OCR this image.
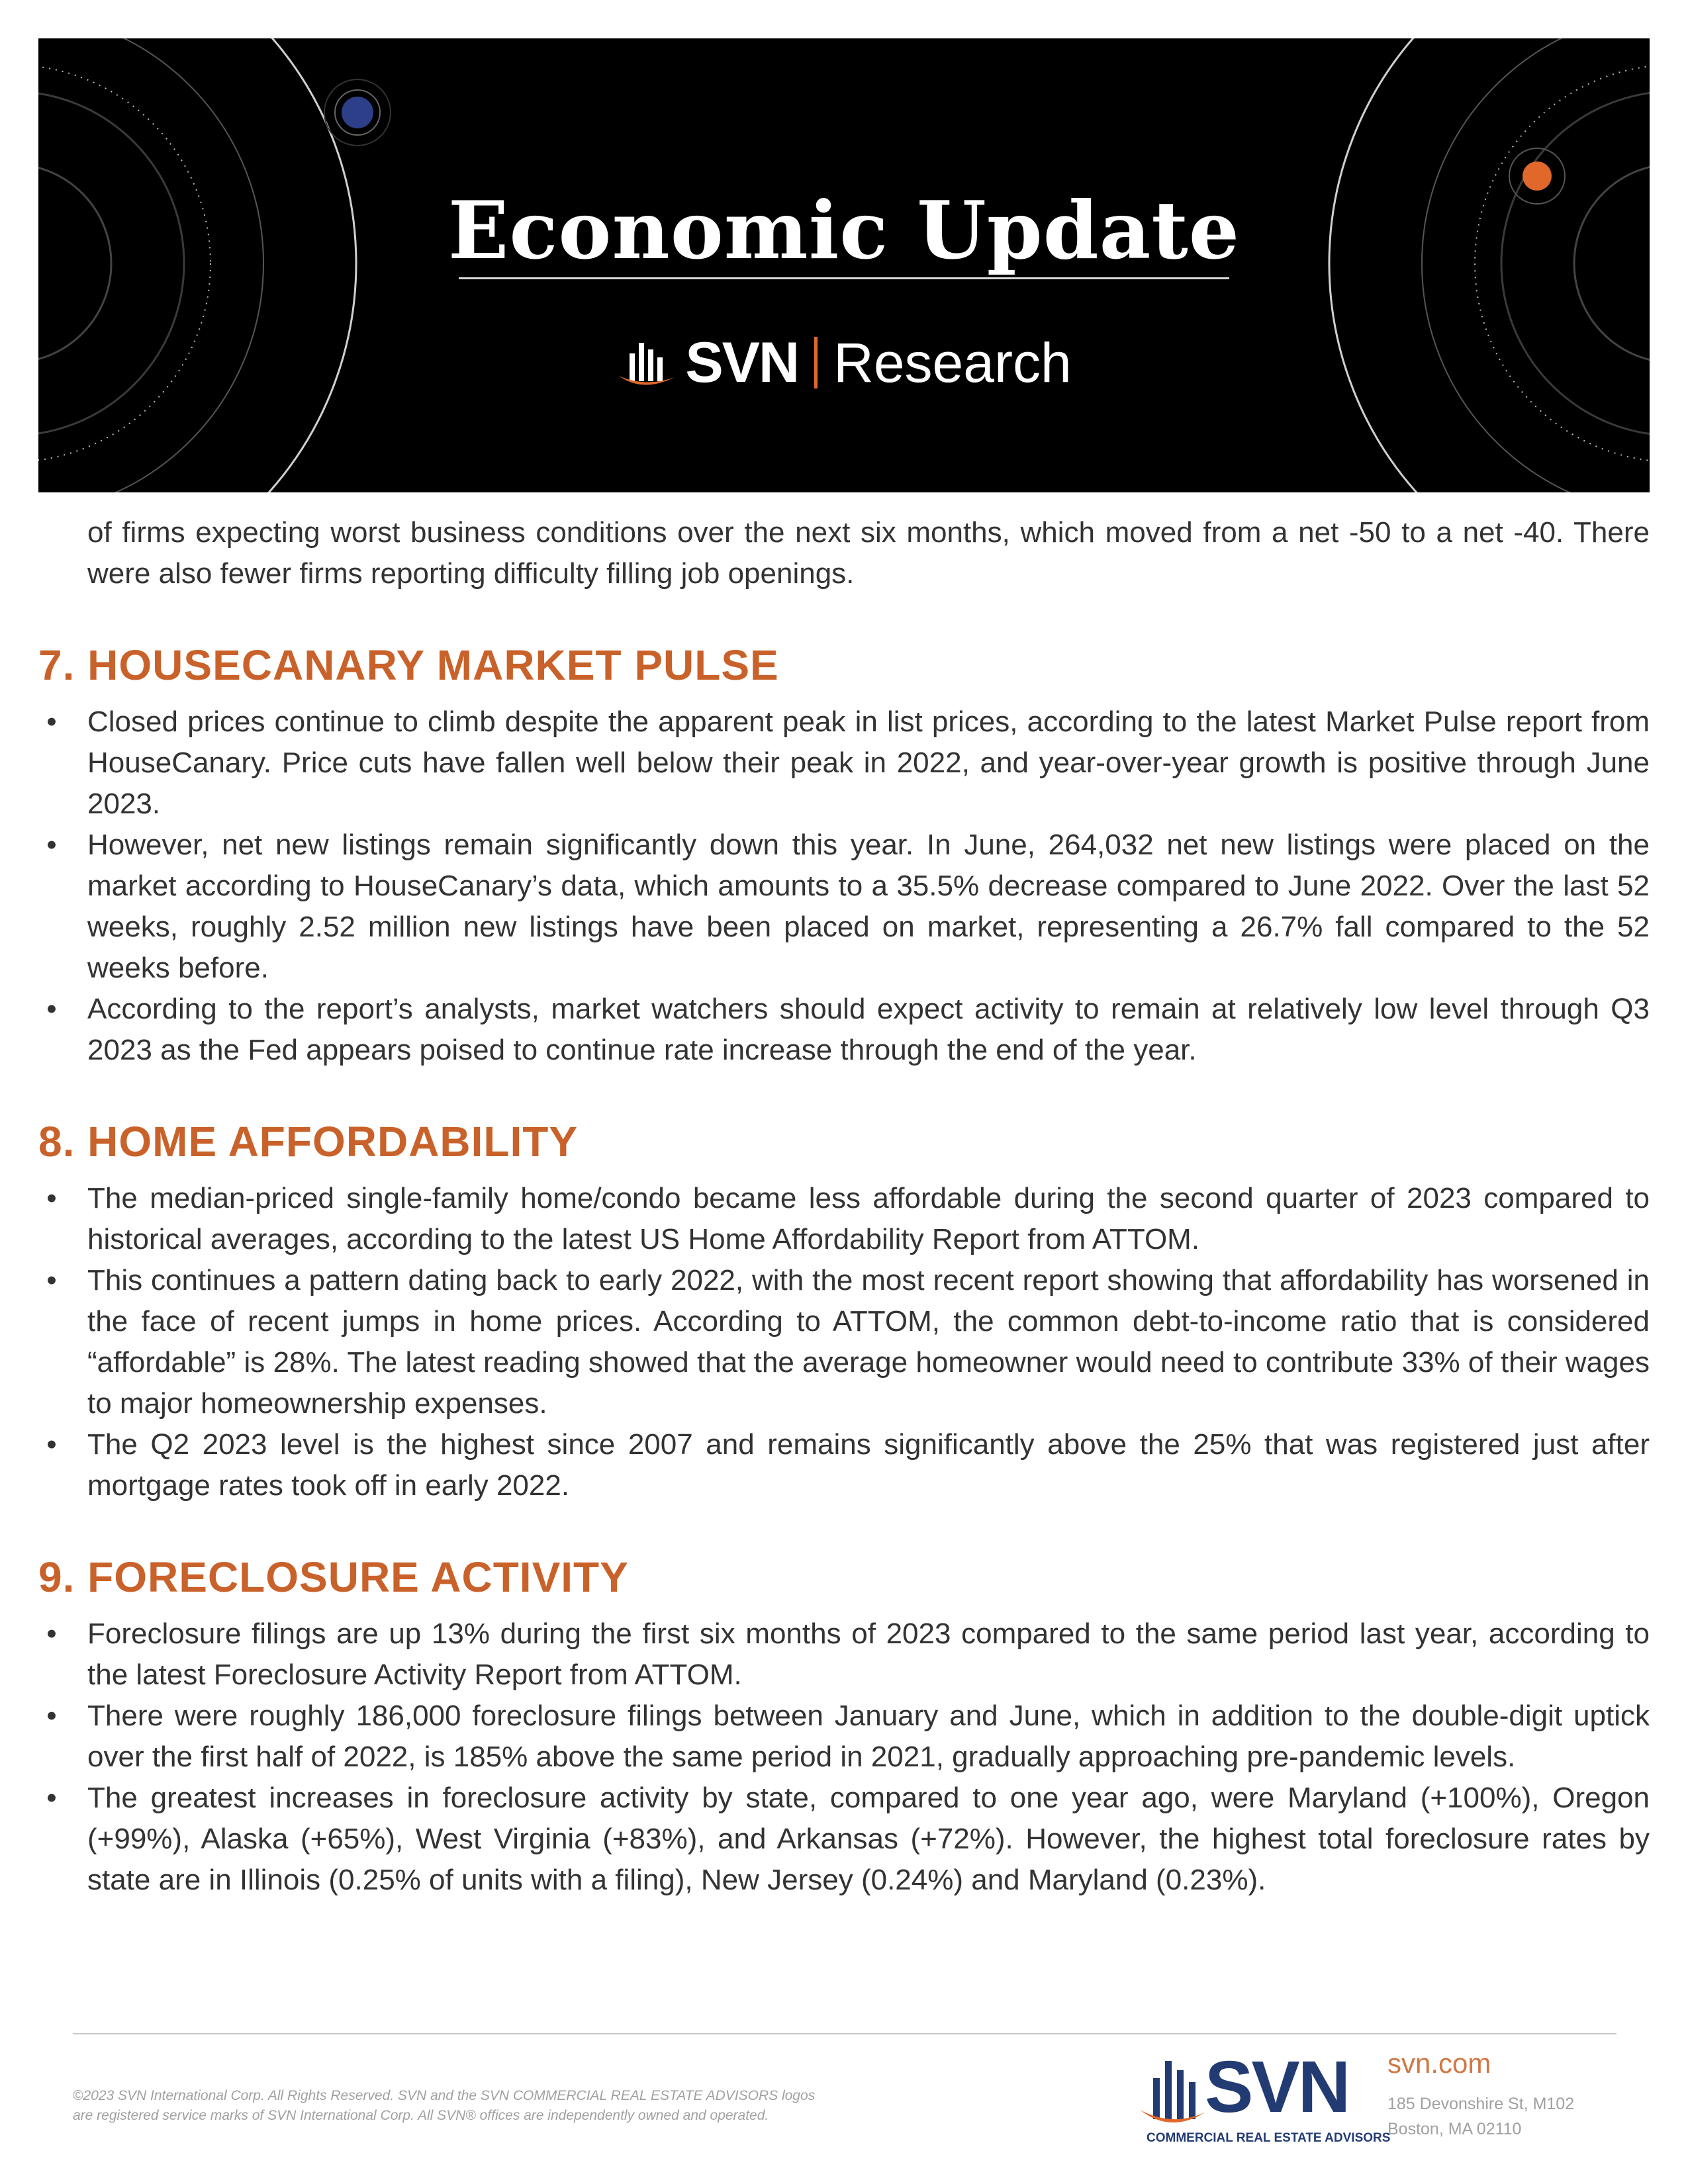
Economic Update
SVN Research

of firms expecting worst business conditions over the next six months, which moved from a net -50 to a net -40. There were also fewer firms reporting difficulty filling job openings.

7. HOUSECANARY MARKET PULSE
• Closed prices continue to climb despite the apparent peak in list prices, according to the latest Market Pulse report from HouseCanary. Price cuts have fallen well below their peak in 2022, and year-over-year growth is positive through June 2023.
• However, net new listings remain significantly down this year. In June, 264,032 net new listings were placed on the market according to HouseCanary’s data, which amounts to a 35.5% decrease compared to June 2022. Over the last 52 weeks, roughly 2.52 million new listings have been placed on market, representing a 26.7% fall compared to the 52 weeks before.
• According to the report’s analysts, market watchers should expect activity to remain at relatively low level through Q3 2023 as the Fed appears poised to continue rate increase through the end of the year.
8. HOME AFFORDABILITY
• The median-priced single-family home/condo became less affordable during the second quarter of 2023 compared to historical averages, according to the latest US Home Affordability Report from ATTOM.
• This continues a pattern dating back to early 2022, with the most recent report showing that affordability has worsened in the face of recent jumps in home prices. According to ATTOM, the common debt-to-income ratio that is considered “affordable” is 28%. The latest reading showed that the average homeowner would need to contribute 33% of their wages to major homeownership expenses.
• The Q2 2023 level is the highest since 2007 and remains significantly above the 25% that was registered just after mortgage rates took off in early 2022.
9. FORECLOSURE ACTIVITY
• Foreclosure filings are up 13% during the first six months of 2023 compared to the same period last year, according to the latest Foreclosure Activity Report from ATTOM.
• There were roughly 186,000 foreclosure filings between January and June, which in addition to the double-digit uptick over the first half of 2022, is 185% above the same period in 2021, gradually approaching pre-pandemic levels.
• The greatest increases in foreclosure activity by state, compared to one year ago, were Maryland (+100%), Oregon (+99%), Alaska (+65%), West Virginia (+83%), and Arkansas (+72%). However, the highest total foreclosure rates by state are in Illinois (0.25% of units with a filing), New Jersey (0.24%) and Maryland (0.23%).
©2023 SVN International Corp. All Rights Reserved. SVN and the SVN COMMERCIAL REAL ESTATE ADVISORS logos
are registered service marks of SVN International Corp. All SVN® offices are independently owned and operated.	SVN
COMMERCIAL REAL ESTATE ADVISORS
svn.com
185 Devonshire St, M102
Boston, MA 02110
